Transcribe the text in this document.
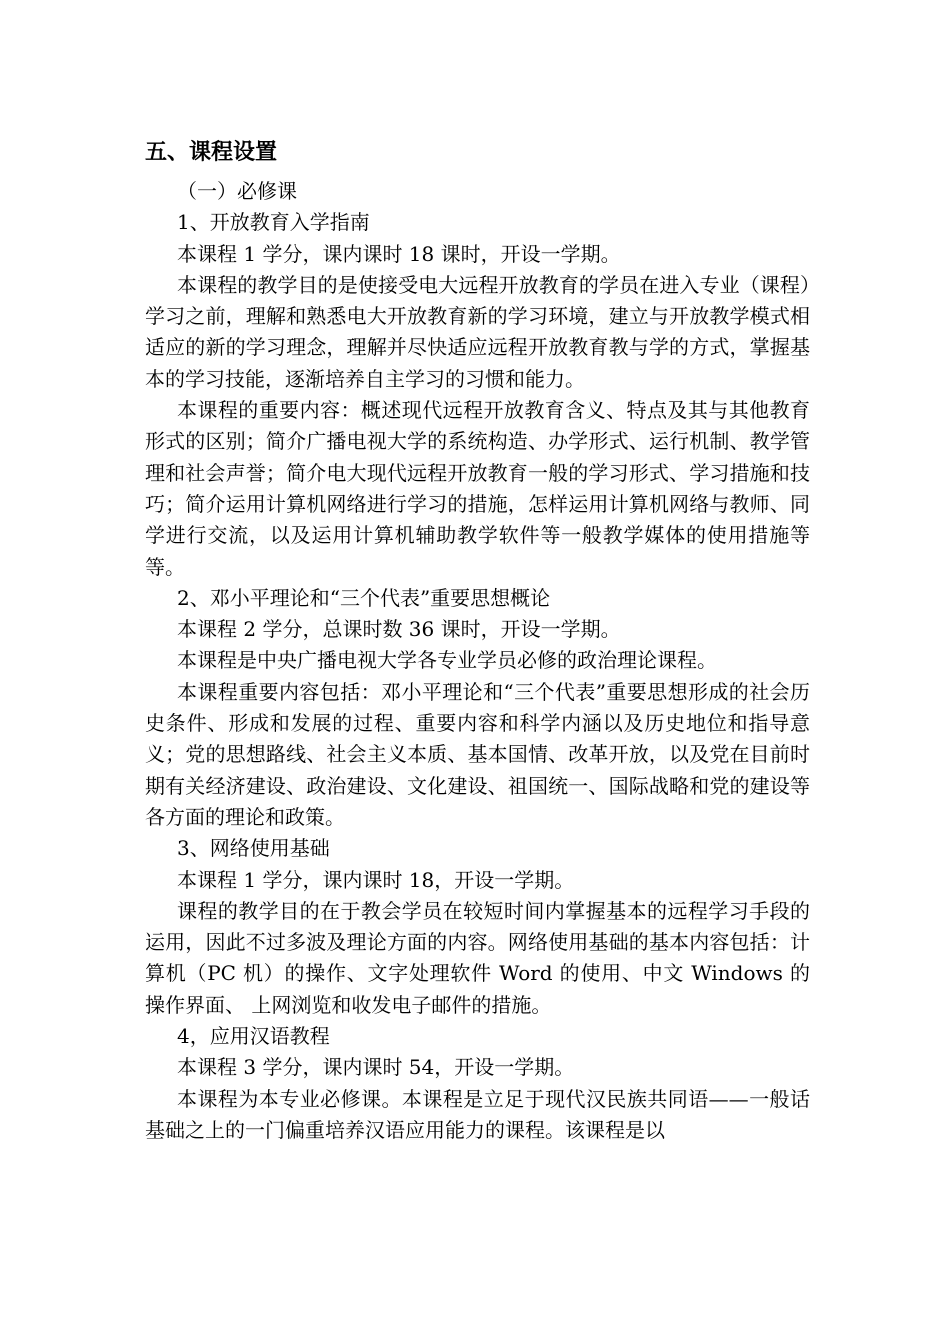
五、课程设置

（一）必修课

1、开放教育入学指南

本课程 1 学分，课内课时 18 课时，开设一学期。

本课程的教学目的是使接受电大远程开放教育的学员在进入专业（课程）学习之前，理解和熟悉电大开放教育新的学习环境，建立与开放教学模式相适应的新的学习理念，理解并尽快适应远程开放教育教与学的方式，掌握基本的学习技能，逐渐培养自主学习的习惯和能力。

本课程的重要内容：概述现代远程开放教育含义、特点及其与其他教育形式的区别；简介广播电视大学的系统构造、办学形式、运行机制、教学管理和社会声誉；简介电大现代远程开放教育一般的学习形式、学习措施和技巧；简介运用计算机网络进行学习的措施，怎样运用计算机网络与教师、同学进行交流，以及运用计算机辅助教学软件等一般教学媒体的使用措施等等。

2、邓小平理论和“三个代表”重要思想概论

本课程 2 学分，总课时数 36 课时，开设一学期。

本课程是中央广播电视大学各专业学员必修的政治理论课程。

本课程重要内容包括：邓小平理论和“三个代表”重要思想形成的社会历史条件、形成和发展的过程、重要内容和科学内涵以及历史地位和指导意义；党的思想路线、社会主义本质、基本国情、改革开放，以及党在目前时期有关经济建设、政治建设、文化建设、祖国统一、国际战略和党的建设等各方面的理论和政策。

3、网络使用基础

本课程 1 学分，课内课时 18，开设一学期。

课程的教学目的在于教会学员在较短时间内掌握基本的远程学习手段的运用，因此不过多波及理论方面的内容。网络使用基础的基本内容包括：计算机（PC 机）的操作、文字处理软件 Word 的使用、中文 Windows 的操作界面、 上网浏览和收发电子邮件的措施。

4，应用汉语教程

本课程 3 学分，课内课时 54，开设一学期。

本课程为本专业必修课。本课程是立足于现代汉民族共同语——一般话基础之上的一门偏重培养汉语应用能力的课程。该课程是以
